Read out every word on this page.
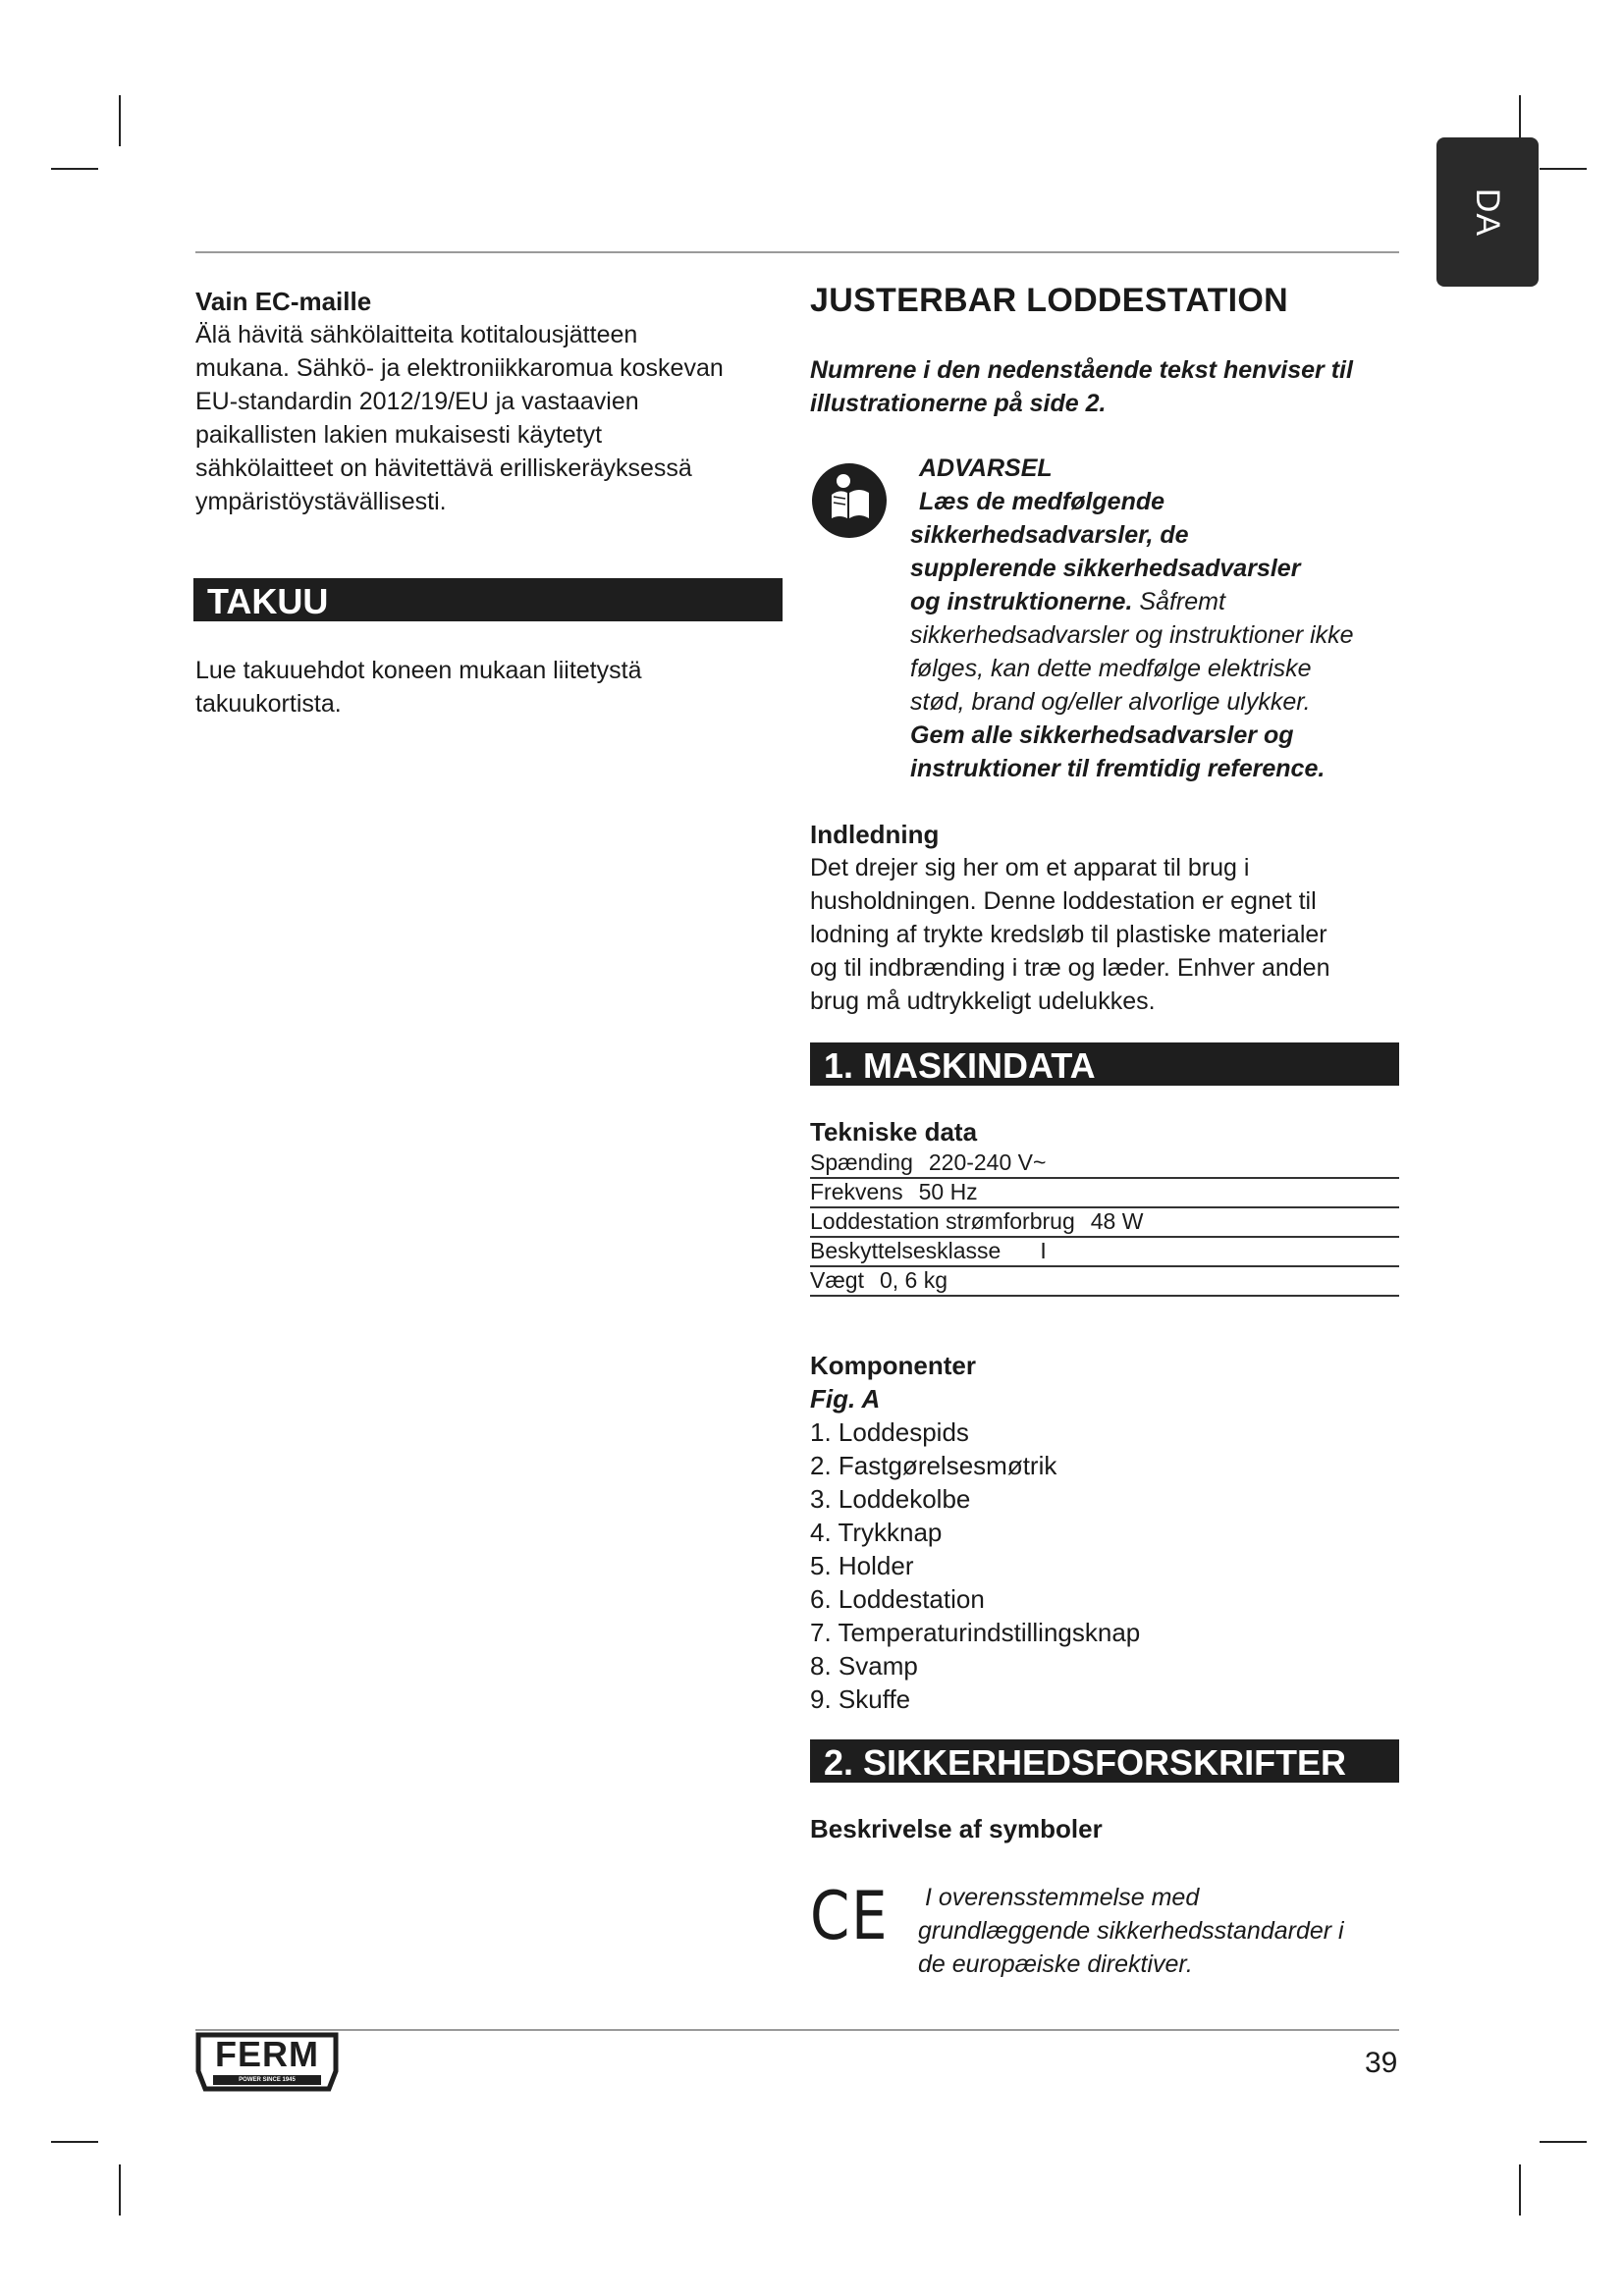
DA

Vain EC-maille

Älä hävitä sähkölaitteita kotitalousjätteen

mukana. Sähkö- ja elektroniikkaromua koskevan

EU-standardin 2012/19/EU ja vastaavien

paikallisten lakien mukaisesti käytetyt

sähkölaitteet on hävitettävä erilliskeräyksessä

ympäristöystävällisesti.

TAKUU

Lue takuuehdot koneen mukaan liitetystä

takuukortista.

JUSTERBAR LODDESTATION

Numrene i den nedenstående tekst henviser til

illustrationerne på side 2.

ADVARSEL

Læs de medfølgende

sikkerhedsadvarsler, de

supplerende sikkerhedsadvarsler

og instruktionerne. Såfremt

sikkerhedsadvarsler og instruktioner ikke

følges, kan dette medfølge elektriske

stød, brand og/eller alvorlige ulykker.

Gem alle sikkerhedsadvarsler og

instruktioner til fremtidig reference.

Indledning

Det drejer sig her om et apparat til brug i

husholdningen. Denne loddestation er egnet til

lodning af trykte kredsløb til plastiske materialer

og til indbrænding i træ og læder. Enhver anden

brug må udtrykkeligt udelukkes.

1. MASKINDATA

Tekniske data

Spænding 220-240 V~
Frekvens 50 Hz
Loddestation strømforbrug 48 W
Beskyttelsesklasse I
Vægt 0, 6 kg

Komponenter

Fig. A

1. Loddespids
2. Fastgørelsesmøtrik
3. Loddekolbe
4. Trykknap
5. Holder
6. Loddestation
7. Temperaturindstillingsknap
8. Svamp
9. Skuffe
2. SIKKERHEDSFORSKRIFTER

Beskrivelse af symboler

CE I overensstemmelse med

grundlæggende sikkerhedsstandarder i

de europæiske direktiver.

FERM
POWER SINCE 1945
39
